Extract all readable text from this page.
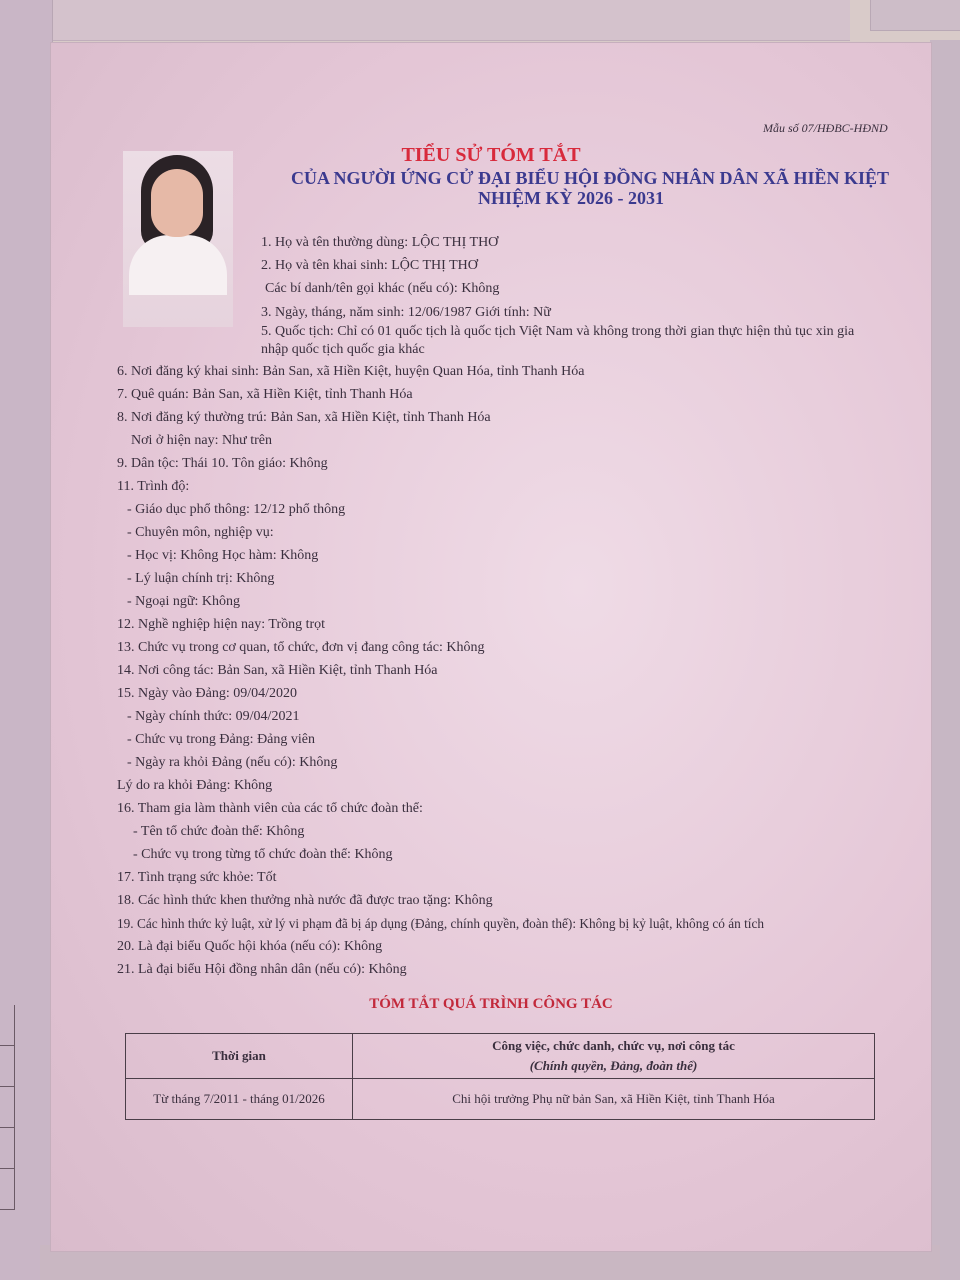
Mẫu số 07/HĐBC-HĐND
TIỂU SỬ TÓM TẮT
CỦA NGƯỜI ỨNG CỬ ĐẠI BIỂU HỘI ĐỒNG NHÂN DÂN XÃ HIỀN KIỆT
NHIỆM KỲ 2026 - 2031
1. Họ và tên thường dùng: LỘC THỊ THƠ
2. Họ và tên khai sinh: LỘC THỊ THƠ
Các bí danh/tên gọi khác (nếu có): Không
3. Ngày, tháng, năm sinh: 12/06/1987 Giới tính: Nữ
5. Quốc tịch: Chỉ có 01 quốc tịch là quốc tịch Việt Nam và không trong thời gian thực hiện thủ tục xin gia
nhập quốc tịch quốc gia khác
6. Nơi đăng ký khai sinh: Bản San, xã Hiền Kiệt, huyện Quan Hóa, tỉnh Thanh Hóa
7. Quê quán: Bản San, xã Hiền Kiệt, tỉnh Thanh Hóa
8. Nơi đăng ký thường trú: Bản San, xã Hiền Kiệt, tỉnh Thanh Hóa
Nơi ở hiện nay: Như trên
9. Dân tộc: Thái 10. Tôn giáo: Không
11. Trình độ:
- Giáo dục phổ thông: 12/12 phổ thông
- Chuyên môn, nghiệp vụ:
- Học vị: Không Học hàm: Không
- Lý luận chính trị: Không
- Ngoại ngữ: Không
12. Nghề nghiệp hiện nay: Trồng trọt
13. Chức vụ trong cơ quan, tổ chức, đơn vị đang công tác: Không
14. Nơi công tác: Bản San, xã Hiền Kiệt, tỉnh Thanh Hóa
15. Ngày vào Đảng: 09/04/2020
- Ngày chính thức: 09/04/2021
- Chức vụ trong Đảng: Đảng viên
- Ngày ra khỏi Đảng (nếu có): Không
Lý do ra khỏi Đảng: Không
16. Tham gia làm thành viên của các tổ chức đoàn thể:
- Tên tổ chức đoàn thể: Không
- Chức vụ trong từng tổ chức đoàn thể: Không
17. Tình trạng sức khỏe: Tốt
18. Các hình thức khen thưởng nhà nước đã được trao tặng: Không
19. Các hình thức kỷ luật, xử lý vi phạm đã bị áp dụng (Đảng, chính quyền, đoàn thể): Không bị kỷ luật, không có án tích
20. Là đại biểu Quốc hội khóa (nếu có): Không
21. Là đại biểu Hội đồng nhân dân (nếu có): Không
TÓM TẮT QUÁ TRÌNH CÔNG TÁC
Thời gian	Công việc, chức danh, chức vụ, nơi công tác
(Chính quyền, Đảng, đoàn thể)

Từ tháng 7/2011 - tháng 01/2026	Chi hội trưởng Phụ nữ bản San, xã Hiền Kiệt, tỉnh Thanh Hóa
